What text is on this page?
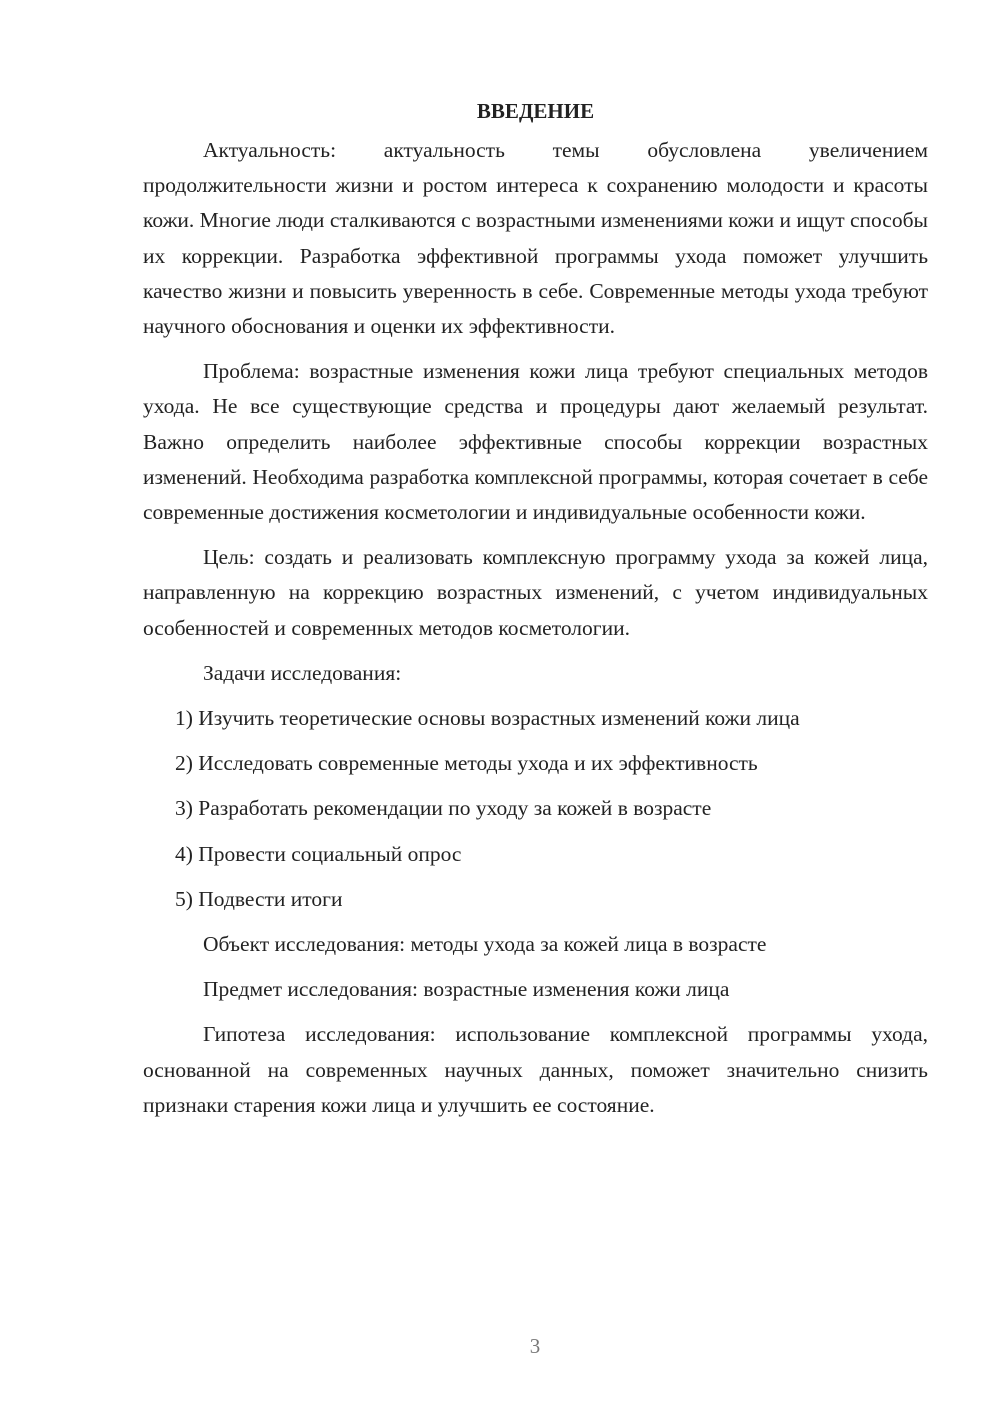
ВВЕДЕНИЕ

Актуальность: актуальность темы обусловлена увеличением продолжительности жизни и ростом интереса к сохранению молодости и красоты кожи. Многие люди сталкиваются с возрастными изменениями кожи и ищут способы их коррекции. Разработка эффективной программы ухода поможет улучшить качество жизни и повысить уверенность в себе. Современные методы ухода требуют научного обоснования и оценки их эффективности.

Проблема: возрастные изменения кожи лица требуют специальных методов ухода. Не все существующие средства и процедуры дают желаемый результат. Важно определить наиболее эффективные способы коррекции возрастных изменений. Необходима разработка комплексной программы, которая сочетает в себе современные достижения косметологии и индивидуальные особенности кожи.

Цель: создать и реализовать комплексную программу ухода за кожей лица, направленную на коррекцию возрастных изменений, с учетом индивидуальных особенностей и современных методов косметологии.

Задачи исследования:

1) Изучить теоретические основы возрастных изменений кожи лица

2) Исследовать современные методы ухода и их эффективность

3) Разработать рекомендации по уходу за кожей в возрасте

4) Провести социальный опрос

5) Подвести итоги

Объект исследования: методы ухода за кожей лица в возрасте

Предмет исследования: возрастные изменения кожи лица

Гипотеза исследования: использование комплексной программы ухода, основанной на современных научных данных, поможет значительно снизить признаки старения кожи лица и улучшить ее состояние.

3
